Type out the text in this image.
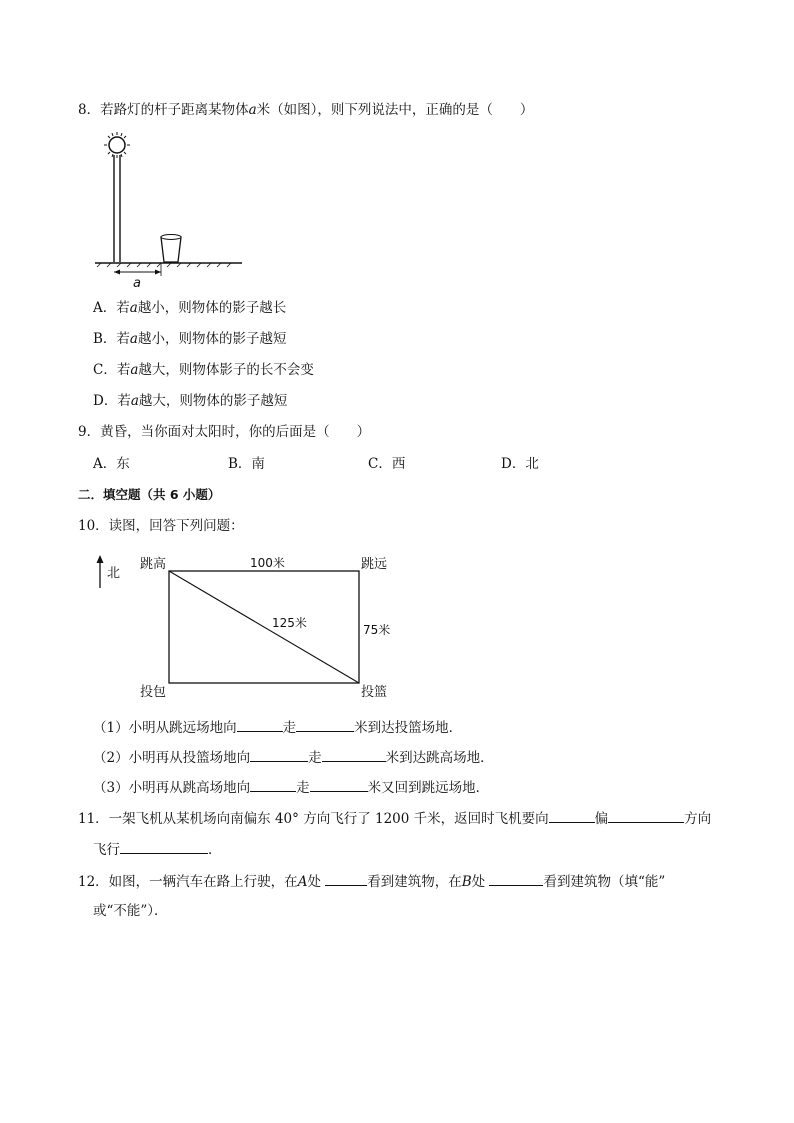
8．若路灯的杆子距离某物体a米（如图），则下列说法中，正确的是（　　）
a
A．若a越小，则物体的影子越长
B．若a越小，则物体的影子越短
C．若a越大，则物体影子的长不会变
D．若a越大，则物体的影子越短
9．黄昏，当你面对太阳时，你的后面是（　　）
A．东	B．南	C．西	D．北
二．填空题（共 6 小题）
10．读图，回答下列问题：
北
跳高	跳远
投包	投篮
100米
75米
125米
（1）小明从跳远场地向	走	米到达投篮场地．
（2）小明再从投篮场地向	走	米到达跳高场地．
（3）小明再从跳高场地向	走	米又回到跳远场地．
11．一架飞机从某机场向南偏东 40° 方向飞行了 1200 千米，返回时飞机要向	偏	方向
飞行	．
12．如图，一辆汽车在路上行驶，在A处	看到建筑物，在B处	看到建筑物（填“能”
或“不能”）．
